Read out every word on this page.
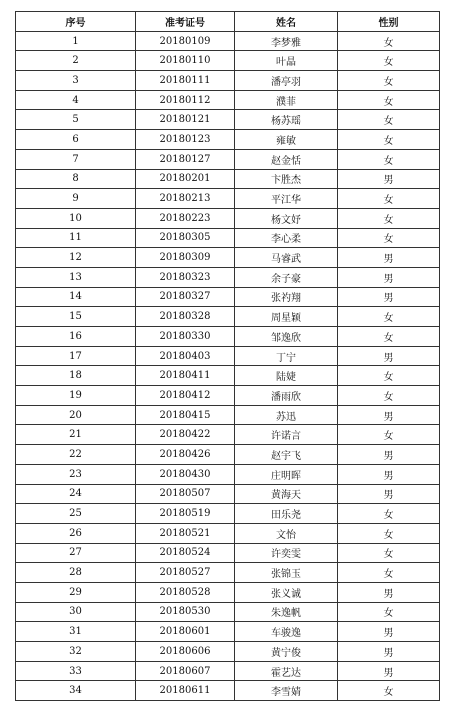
序号	准考证号	姓名	性别
1	20180109	李梦雅	女
2	20180110	叶晶	女
3	20180111	潘亭羽	女
4	20180112	濮菲	女
5	20180121	杨苏瑶	女
6	20180123	雍敏	女
7	20180127	赵金恬	女
8	20180201	卞胜杰	男
9	20180213	平江华	女
10	20180223	杨文妤	女
11	20180305	李心柔	女
12	20180309	马睿武	男
13	20180323	余子豪	男
14	20180327	张礿翔	男
15	20180328	周星颖	女
16	20180330	邹逸欣	女
17	20180403	丁宁	男
18	20180411	陆婕	女
19	20180412	潘雨欣	女
20	20180415	苏迅	男
21	20180422	许诺言	女
22	20180426	赵宇飞	男
23	20180430	庄明晖	男
24	20180507	黄海天	男
25	20180519	田乐尧	女
26	20180521	文怡	女
27	20180524	许奕雯	女
28	20180527	张锦玉	女
29	20180528	张义诚	男
30	20180530	朱逸帆	女
31	20180601	车骏逸	男
32	20180606	黄宁俊	男
33	20180607	霍艺达	男
34	20180611	李雪婧	女
